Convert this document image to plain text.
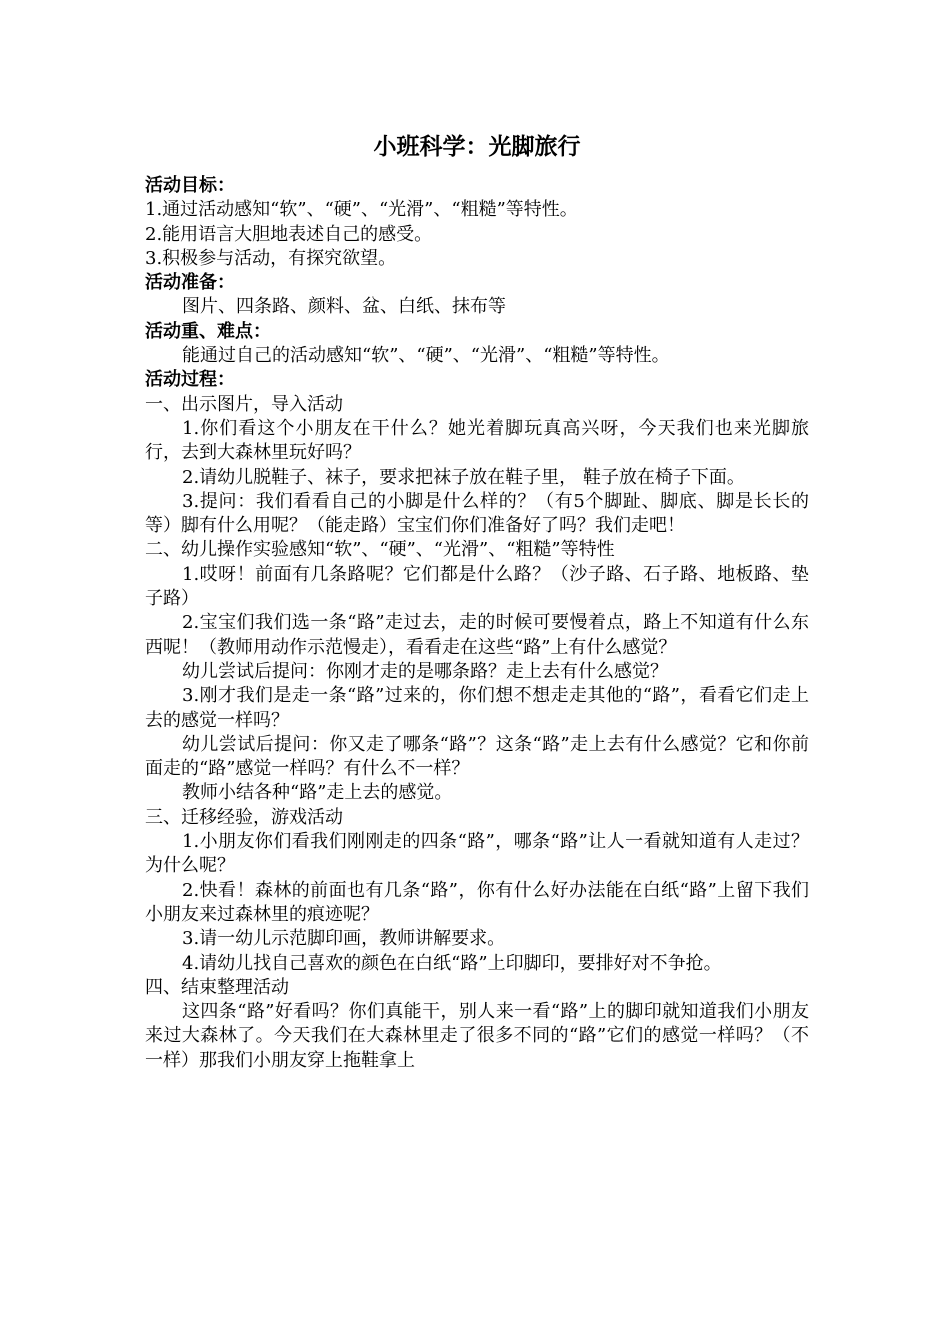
小班科学：光脚旅行
活动目标：
1.通过活动感知“软”、“硬”、“光滑”、“粗糙”等特性。
2.能用语言大胆地表述自己的感受。
3.积极参与活动，有探究欲望。
活动准备：
图片、四条路、颜料、盆、白纸、抹布等
活动重、难点：
能通过自己的活动感知“软”、“硬”、“光滑”、“粗糙”等特性。
活动过程：
一、出示图片，导入活动
1.你们看这个小朋友在干什么？她光着脚玩真高兴呀，今天我们也来光脚旅行，去到大森林里玩好吗？
2.请幼儿脱鞋子、袜子，要求把袜子放在鞋子里， 鞋子放在椅子下面。
3.提问：我们看看自己的小脚是什么样的？（有5个脚趾、脚底、脚是长长的等）脚有什么用呢？（能走路）宝宝们你们准备好了吗？我们走吧！
二、幼儿操作实验感知“软”、“硬”、“光滑”、“粗糙”等特性
1.哎呀！前面有几条路呢？它们都是什么路？（沙子路、石子路、地板路、垫子路）
2.宝宝们我们选一条“路”走过去，走的时候可要慢着点，路上不知道有什么东西呢！（教师用动作示范慢走），看看走在这些“路”上有什么感觉？
幼儿尝试后提问：你刚才走的是哪条路？走上去有什么感觉？
3.刚才我们是走一条“路”过来的，你们想不想走走其他的“路”，看看它们走上去的感觉一样吗？
幼儿尝试后提问：你又走了哪条“路”？这条“路”走上去有什么感觉？它和你前面走的“路”感觉一样吗？有什么不一样？
教师小结各种“路”走上去的感觉。
三、迁移经验，游戏活动
1.小朋友你们看我们刚刚走的四条“路”，哪条“路”让人一看就知道有人走过？为什么呢？
2.快看！森林的前面也有几条“路”，你有什么好办法能在白纸“路”上留下我们小朋友来过森林里的痕迹呢？
3.请一幼儿示范脚印画，教师讲解要求。
4.请幼儿找自己喜欢的颜色在白纸“路”上印脚印，要排好对不争抢。
四、结束整理活动
这四条“路”好看吗？你们真能干，别人来一看“路”上的脚印就知道我们小朋友来过大森林了。今天我们在大森林里走了很多不同的“路”它们的感觉一样吗？（不一样）那我们小朋友穿上拖鞋拿上
